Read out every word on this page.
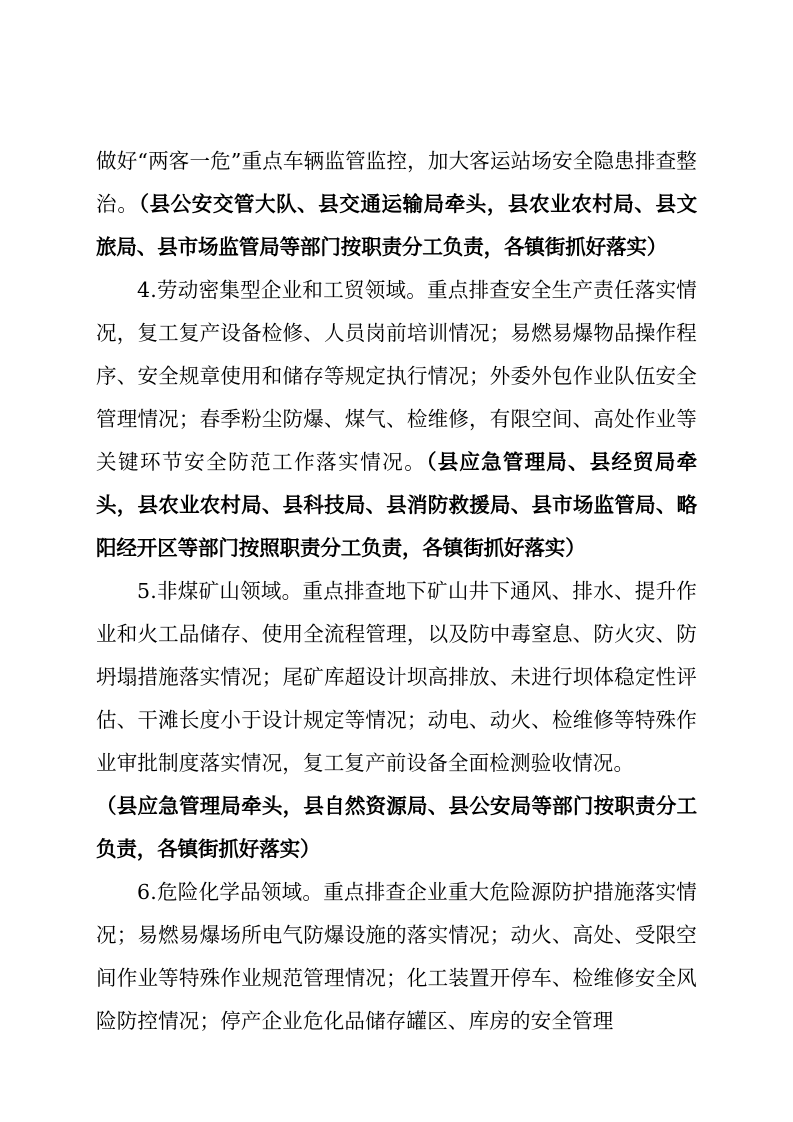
做好“两客一危”重点车辆监管监控，加大客运站场安全隐患排查整治。（县公安交管大队、县交通运输局牵头，县农业农村局、县文旅局、县市场监管局等部门按职责分工负责，各镇街抓好落实）

4.劳动密集型企业和工贸领域。重点排查安全生产责任落实情况，复工复产设备检修、人员岗前培训情况；易燃易爆物品操作程序、安全规章使用和储存等规定执行情况；外委外包作业队伍安全管理情况；春季粉尘防爆、煤气、检维修，有限空间、高处作业等关键环节安全防范工作落实情况。（县应急管理局、县经贸局牵头，县农业农村局、县科技局、县消防救援局、县市场监管局、略阳经开区等部门按照职责分工负责，各镇街抓好落实）

5.非煤矿山领域。重点排查地下矿山井下通风、排水、提升作业和火工品储存、使用全流程管理，以及防中毒窒息、防火灾、防坍塌措施落实情况；尾矿库超设计坝高排放、未进行坝体稳定性评估、干滩长度小于设计规定等情况；动电、动火、检维修等特殊作业审批制度落实情况，复工复产前设备全面检测验收情况。

（县应急管理局牵头，县自然资源局、县公安局等部门按职责分工负责，各镇街抓好落实）

6.危险化学品领域。重点排查企业重大危险源防护措施落实情况；易燃易爆场所电气防爆设施的落实情况；动火、高处、受限空间作业等特殊作业规范管理情况；化工装置开停车、检维修安全风险防控情况；停产企业危化品储存罐区、库房的安全管理
